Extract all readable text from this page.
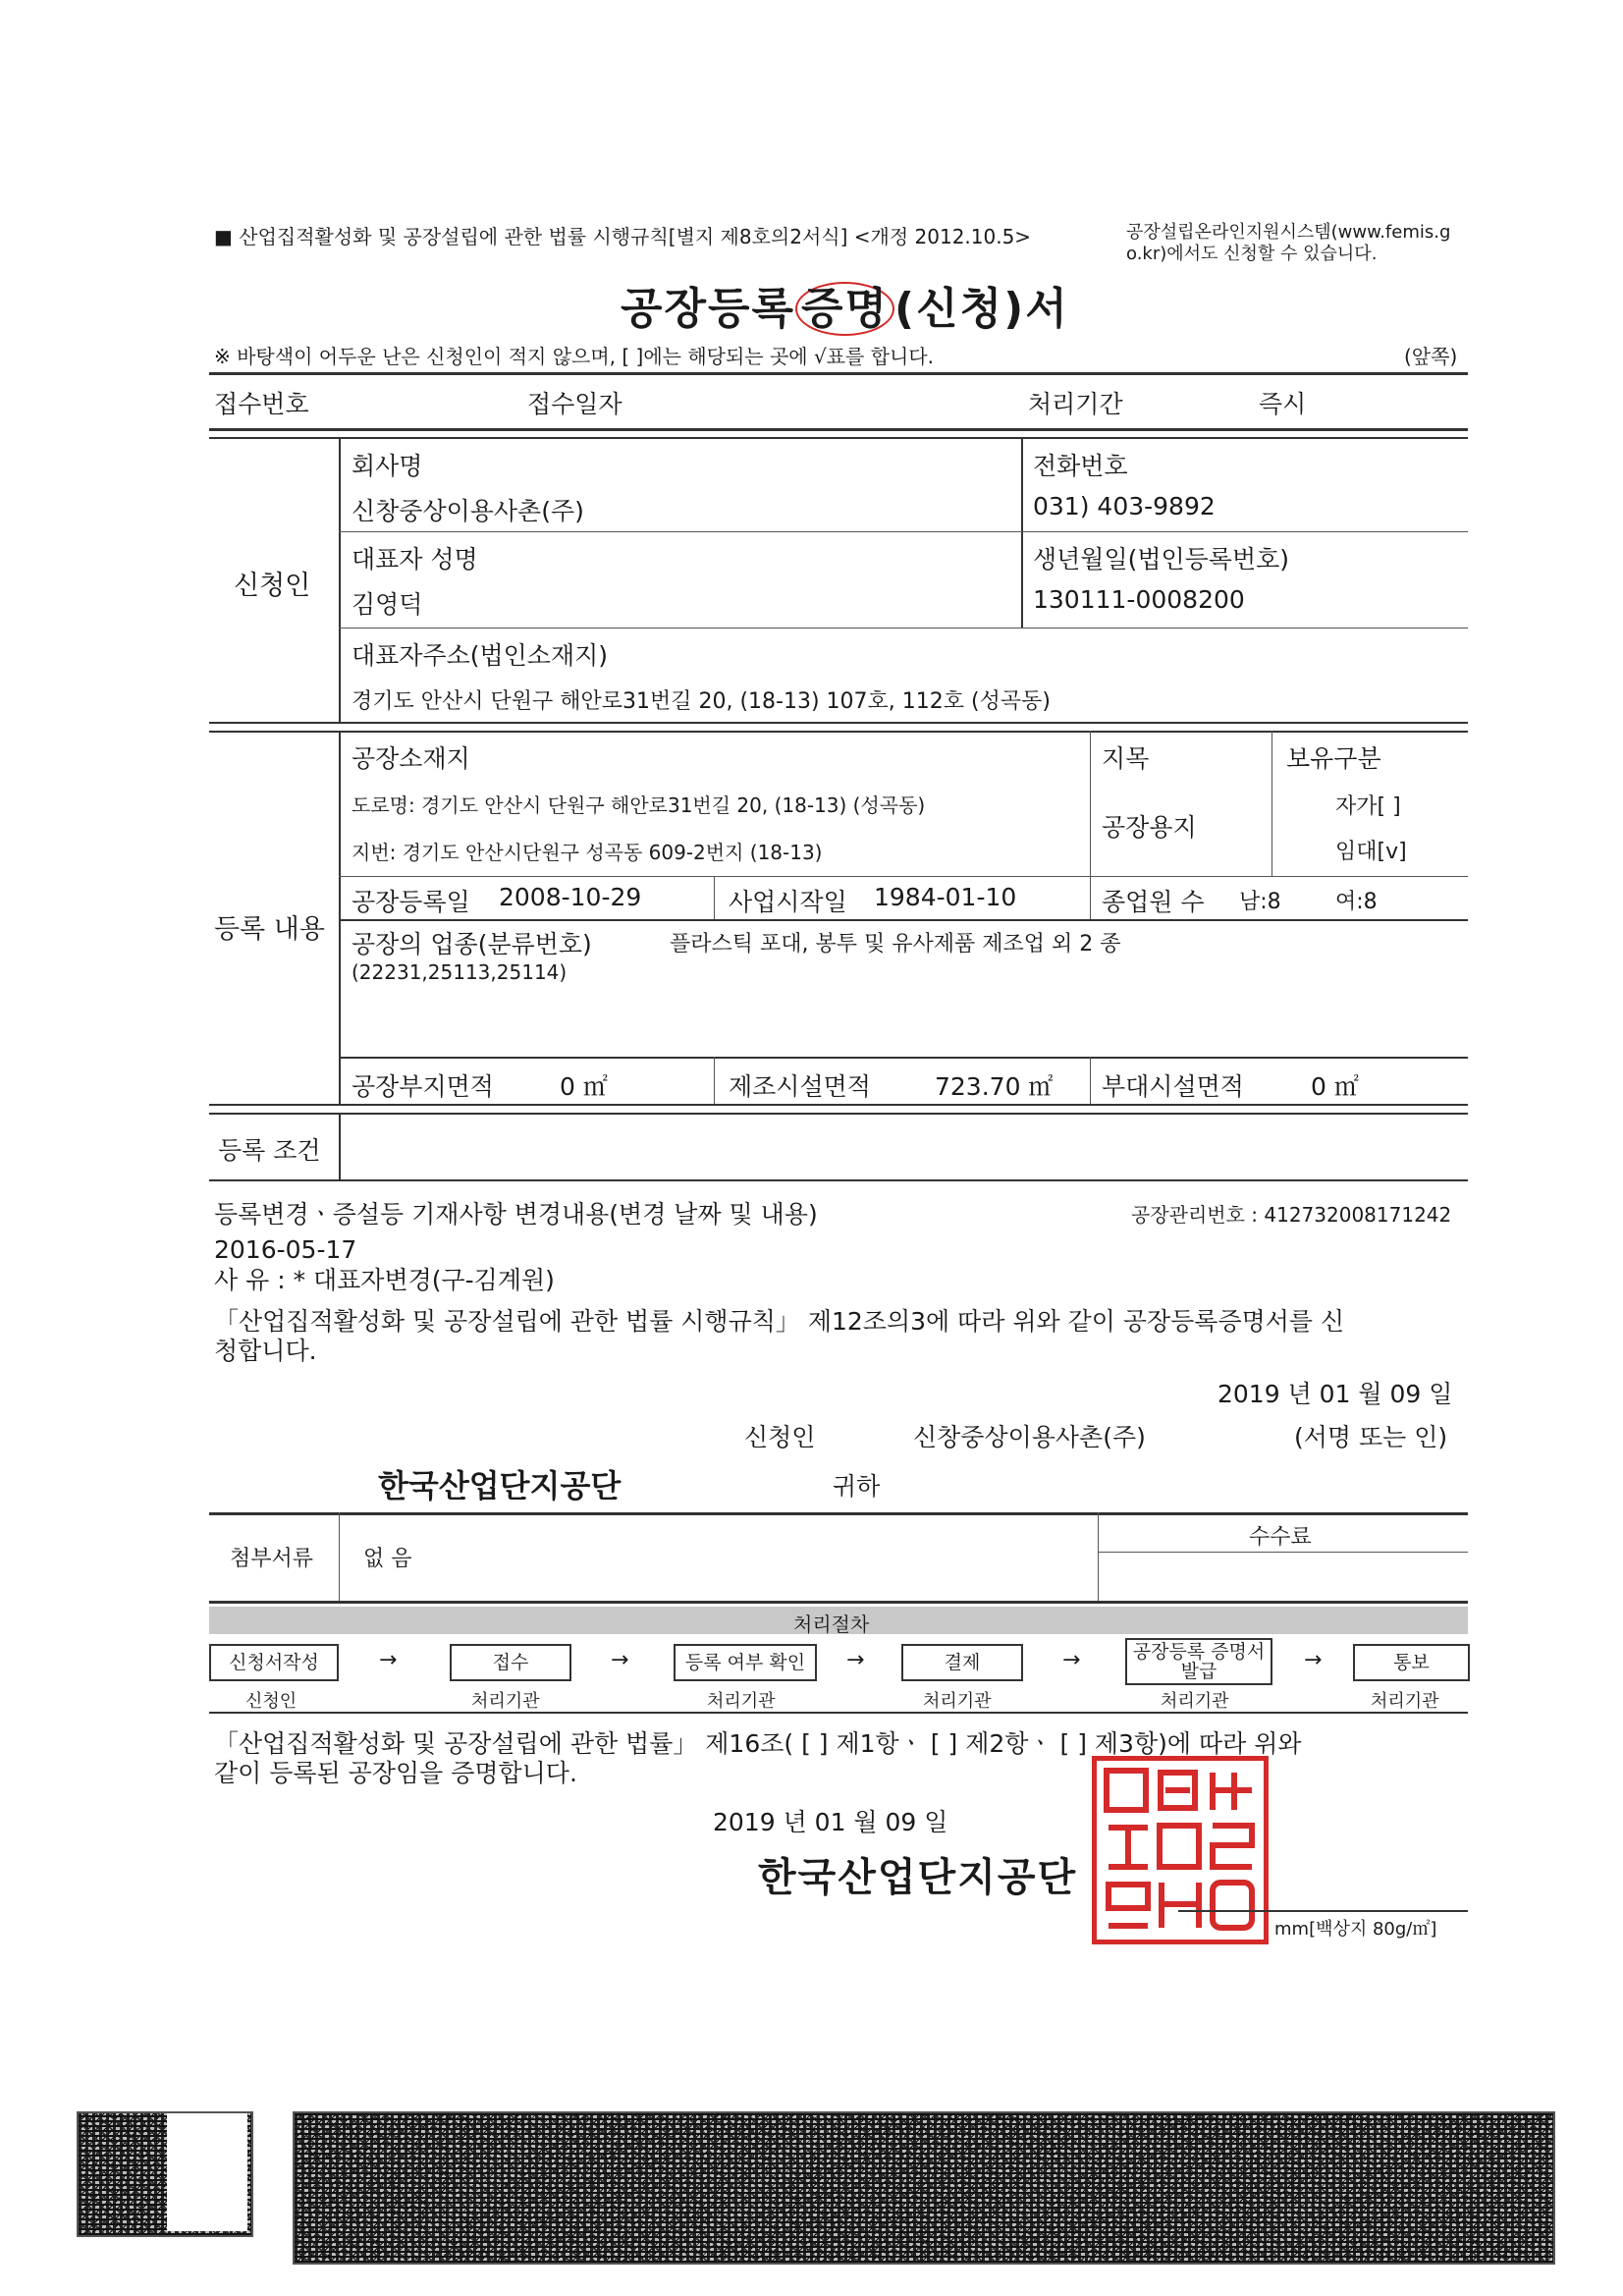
■ 산업집적활성화 및 공장설립에 관한 법률 시행규칙[별지 제8호의2서식] <개정 2012.10.5>	공장설립온라인지원시스템(www.femis.g
o.kr)에서도 신청할 수 있습니다.
공장등록 증명 (신청)서
※ 바탕색이 어두운 난은 신청인이 적지 않으며, [ ]에는 해당되는 곳에 √표를 합니다.	(앞쪽)
접수번호	접수일자	처리기간	즉시
신청인
회사명
신창중상이용사촌(주)
전화번호
031) 403-9892
대표자 성명
김영덕
생년월일(법인등록번호)
130111-0008200
대표자주소(법인소재지)
경기도 안산시 단원구 해안로31번길 20, (18-13) 107호, 112호 (성곡동)
등록 내용
공장소재지
도로명: 경기도 안산시 단원구 해안로31번길 20, (18-13) (성곡동)
지번: 경기도 안산시단원구 성곡동 609-2번지 (18-13)
지목
공장용지
보유구분
자가[ ]
임대[v]
공장등록일 2008-10-29	사업시작일 1984-01-10	종업원 수 남:8	여:8
공장의 업종(분류번호)	플라스틱 포대, 봉투 및 유사제품 제조업 외 2 종
(22231,25113,25114)
공장부지면적	0 ㎡	제조시설면적	723.70 ㎡ 부대시설면적	0 ㎡
등록 조건
등록변경ㆍ증설등 기재사항 변경내용(변경 날짜 및 내용)	공장관리번호 : 412732008171242
2016-05-17
사 유 : * 대표자변경(구-김계원)
「산업집적활성화 및 공장설립에 관한 법률 시행규칙」 제12조의3에 따라 위와 같이 공장등록증명서를 신
청합니다.
2019 년 01 월 09 일
신청인	신창중상이용사촌(주)	(서명 또는 인)
한국산업단지공단	귀하
첨부서류 없 음
수수료
처리절차
신청서작성	접수	등록 여부 확인	결제	공장등록 증명서 발급	통보
→	→	→	→	→
신청인	처리기관	처리기관	처리기관	처리기관	처리기관
「산업집적활성화 및 공장설립에 관한 법률」 제16조( [ ] 제1항ㆍ [ ] 제2항ㆍ [ ] 제3항)에 따라 위와
같이 등록된 공장임을 증명합니다.
2019 년 01 월 09 일
한국산업단지공단
mm[백상지 80g/㎡]
